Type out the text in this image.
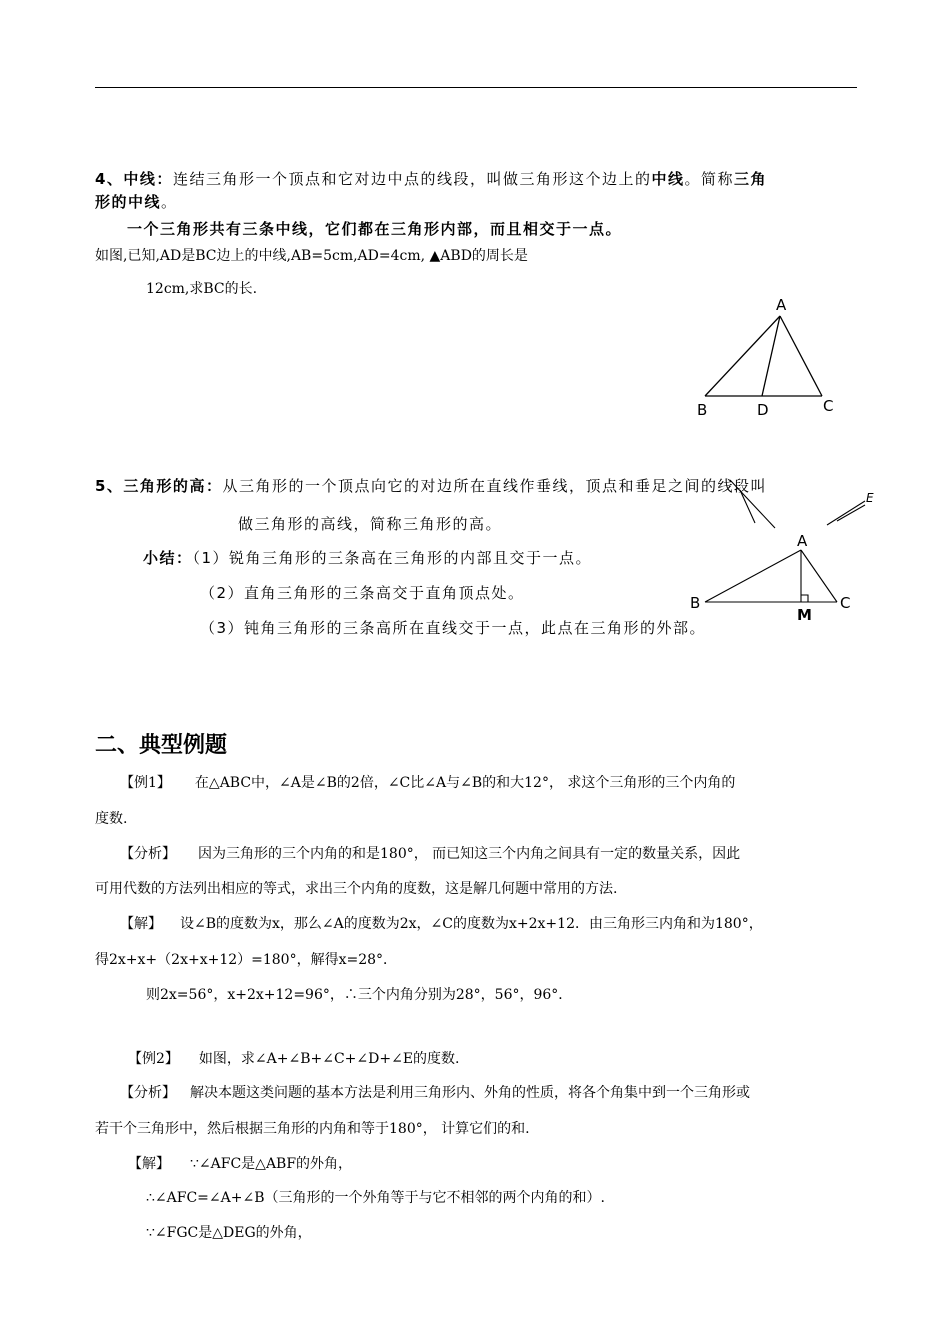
4、中线：连结三角形一个顶点和它对边中点的线段，叫做三角形这个边上的中线。简称三角
形的中线。
一个三角形共有三条中线，它们都在三角形内部，而且相交于一点。
如图,已知,AD是BC边上的中线,AB=5cm,AD=4cm, ▲ABD的周长是
12cm,求BC的长.
A
B	D	C
E
A
B	C
M
5、三角形的高：从三角形的一个顶点向它的对边所在直线作垂线，顶点和垂足之间的线段叫
做三角形的高线，简称三角形的高。
小结：（1）锐角三角形的三条高在三角形的内部且交于一点。
（2）直角三角形的三条高交于直角顶点处。
（3）钝角三角形的三条高所在直线交于一点，此点在三角形的外部。
二、典型例题
【例1】 在△ABC中，∠A是∠B的2倍，∠C比∠A与∠B的和大12°， 求这个三角形的三个内角的
度数.
【分析】 因为三角形的三个内角的和是180°， 而已知这三个内角之间具有一定的数量关系，因此
可用代数的方法列出相应的等式，求出三个内角的度数，这是解几何题中常用的方法.
【解】 设∠B的度数为x，那么∠A的度数为2x，∠C的度数为x+2x+12．由三角形三内角和为180°，
得2x+x+（2x+x+12）=180°，解得x=28°．
则2x=56°，x+2x+12=96°，∴三个内角分别为28°，56°，96°．
【例2】 如图，求∠A+∠B+∠C+∠D+∠E的度数.
【分析】 解决本题这类问题的基本方法是利用三角形内、外角的性质，将各个角集中到一个三角形或
若干个三角形中，然后根据三角形的内角和等于180°， 计算它们的和.
【解】 ∵∠AFC是△ABF的外角，
∴∠AFC=∠A+∠B（三角形的一个外角等于与它不相邻的两个内角的和）.
∵∠FGC是△DEG的外角，
